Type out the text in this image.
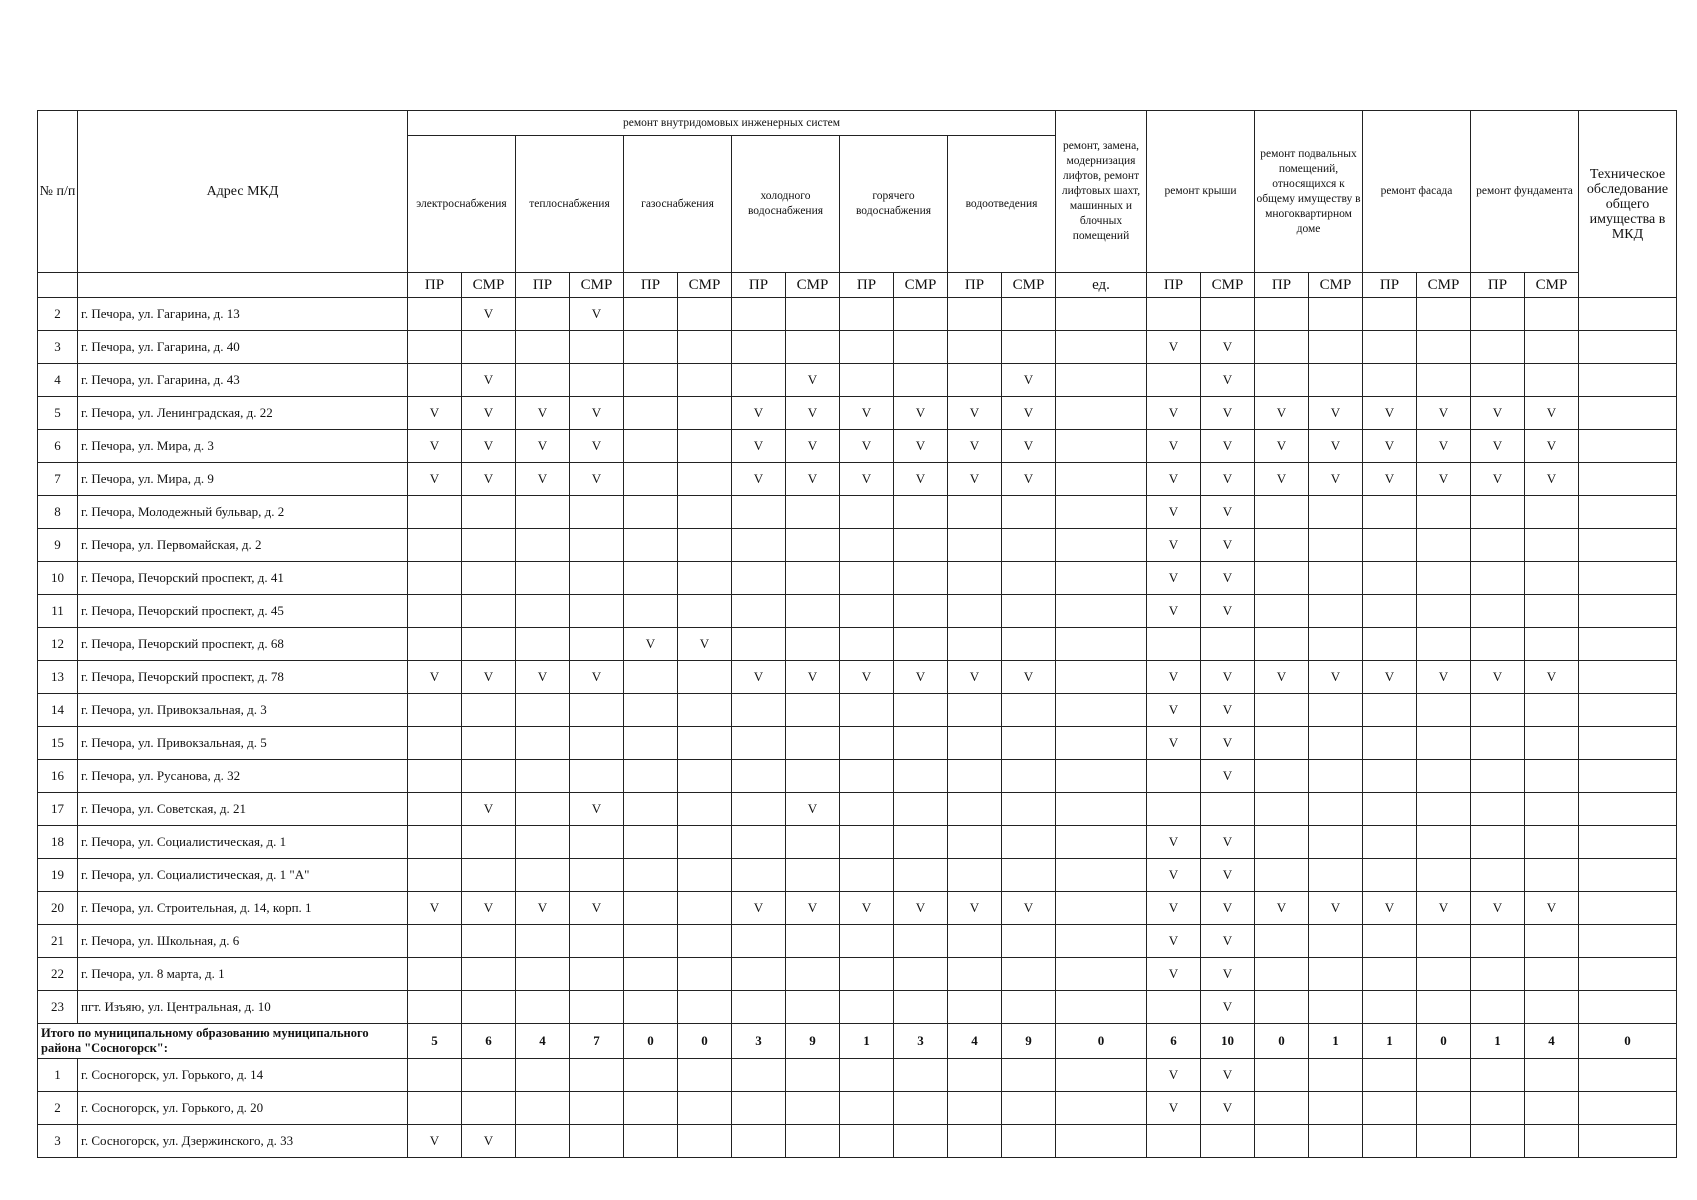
№ п/п	Адрес МКД	ремонт внутридомовых инженерных систем												ремонт, замена, модернизация лифтов, ремонт лифтовых шахт, машинных и блочных помещений	ремонт крыши		ремонт подвальных помещений, относящихся к общему имуществу в многоквартирном доме		ремонт фасада		ремонт фундамента		Техническое обследование общего имущества в МКД
		электроснабжения		теплоснабжения		газоснабжения		холодного водоснабжения		горячего водоснабжения		водоотведения											
		ПР	СМР	ПР	СМР	ПР	СМР	ПР	СМР	ПР	СМР	ПР	СМР	ед.	ПР	СМР	ПР	СМР	ПР	СМР	ПР	СМР	
2	г. Печора, ул. Гагарина, д. 13		V		V																		
3	г. Печора, ул. Гагарина, д. 40														V	V							
4	г. Печора, ул. Гагарина, д. 43		V						V				V			V							
5	г. Печора, ул. Ленинградская, д. 22	V	V	V	V			V	V	V	V	V	V		V	V	V	V	V	V	V	V	
6	г. Печора, ул. Мира, д. 3	V	V	V	V			V	V	V	V	V	V		V	V	V	V	V	V	V	V	
7	г. Печора, ул. Мира, д. 9	V	V	V	V			V	V	V	V	V	V		V	V	V	V	V	V	V	V	
8	г. Печора, Молодежный бульвар, д. 2														V	V							
9	г. Печора, ул. Первомайская, д. 2														V	V							
10	г. Печора, Печорский проспект, д. 41														V	V							
11	г. Печора, Печорский проспект, д. 45														V	V							
12	г. Печора, Печорский проспект, д. 68					V	V																
13	г. Печора, Печорский проспект, д. 78	V	V	V	V			V	V	V	V	V	V		V	V	V	V	V	V	V	V	
14	г. Печора, ул. Привокзальная, д. 3														V	V							
15	г. Печора, ул. Привокзальная, д. 5														V	V							
16	г. Печора, ул. Русанова, д. 32															V							
17	г. Печора, ул. Советская, д. 21		V		V				V														
18	г. Печора, ул. Социалистическая, д. 1														V	V							
19	г. Печора, ул. Социалистическая, д. 1 "А"														V	V							
20	г. Печора, ул. Строительная, д. 14, корп. 1	V	V	V	V			V	V	V	V	V	V		V	V	V	V	V	V	V	V	
21	г. Печора, ул. Школьная, д. 6														V	V							
22	г. Печора, ул. 8 марта, д. 1														V	V							
23	пгт. Изъяю, ул. Центральная, д. 10															V							
Итого по муниципальному образованию муниципального района "Сосногорск":		5	6	4	7	0	0	3	9	1	3	4	9	0	6	10	0	1	1	0	1	4	0
1	г. Сосногорск, ул. Горького, д. 14														V	V							
2	г. Сосногорск, ул. Горького, д. 20														V	V							
3	г. Сосногорск, ул. Дзержинского, д. 33	V	V																				
